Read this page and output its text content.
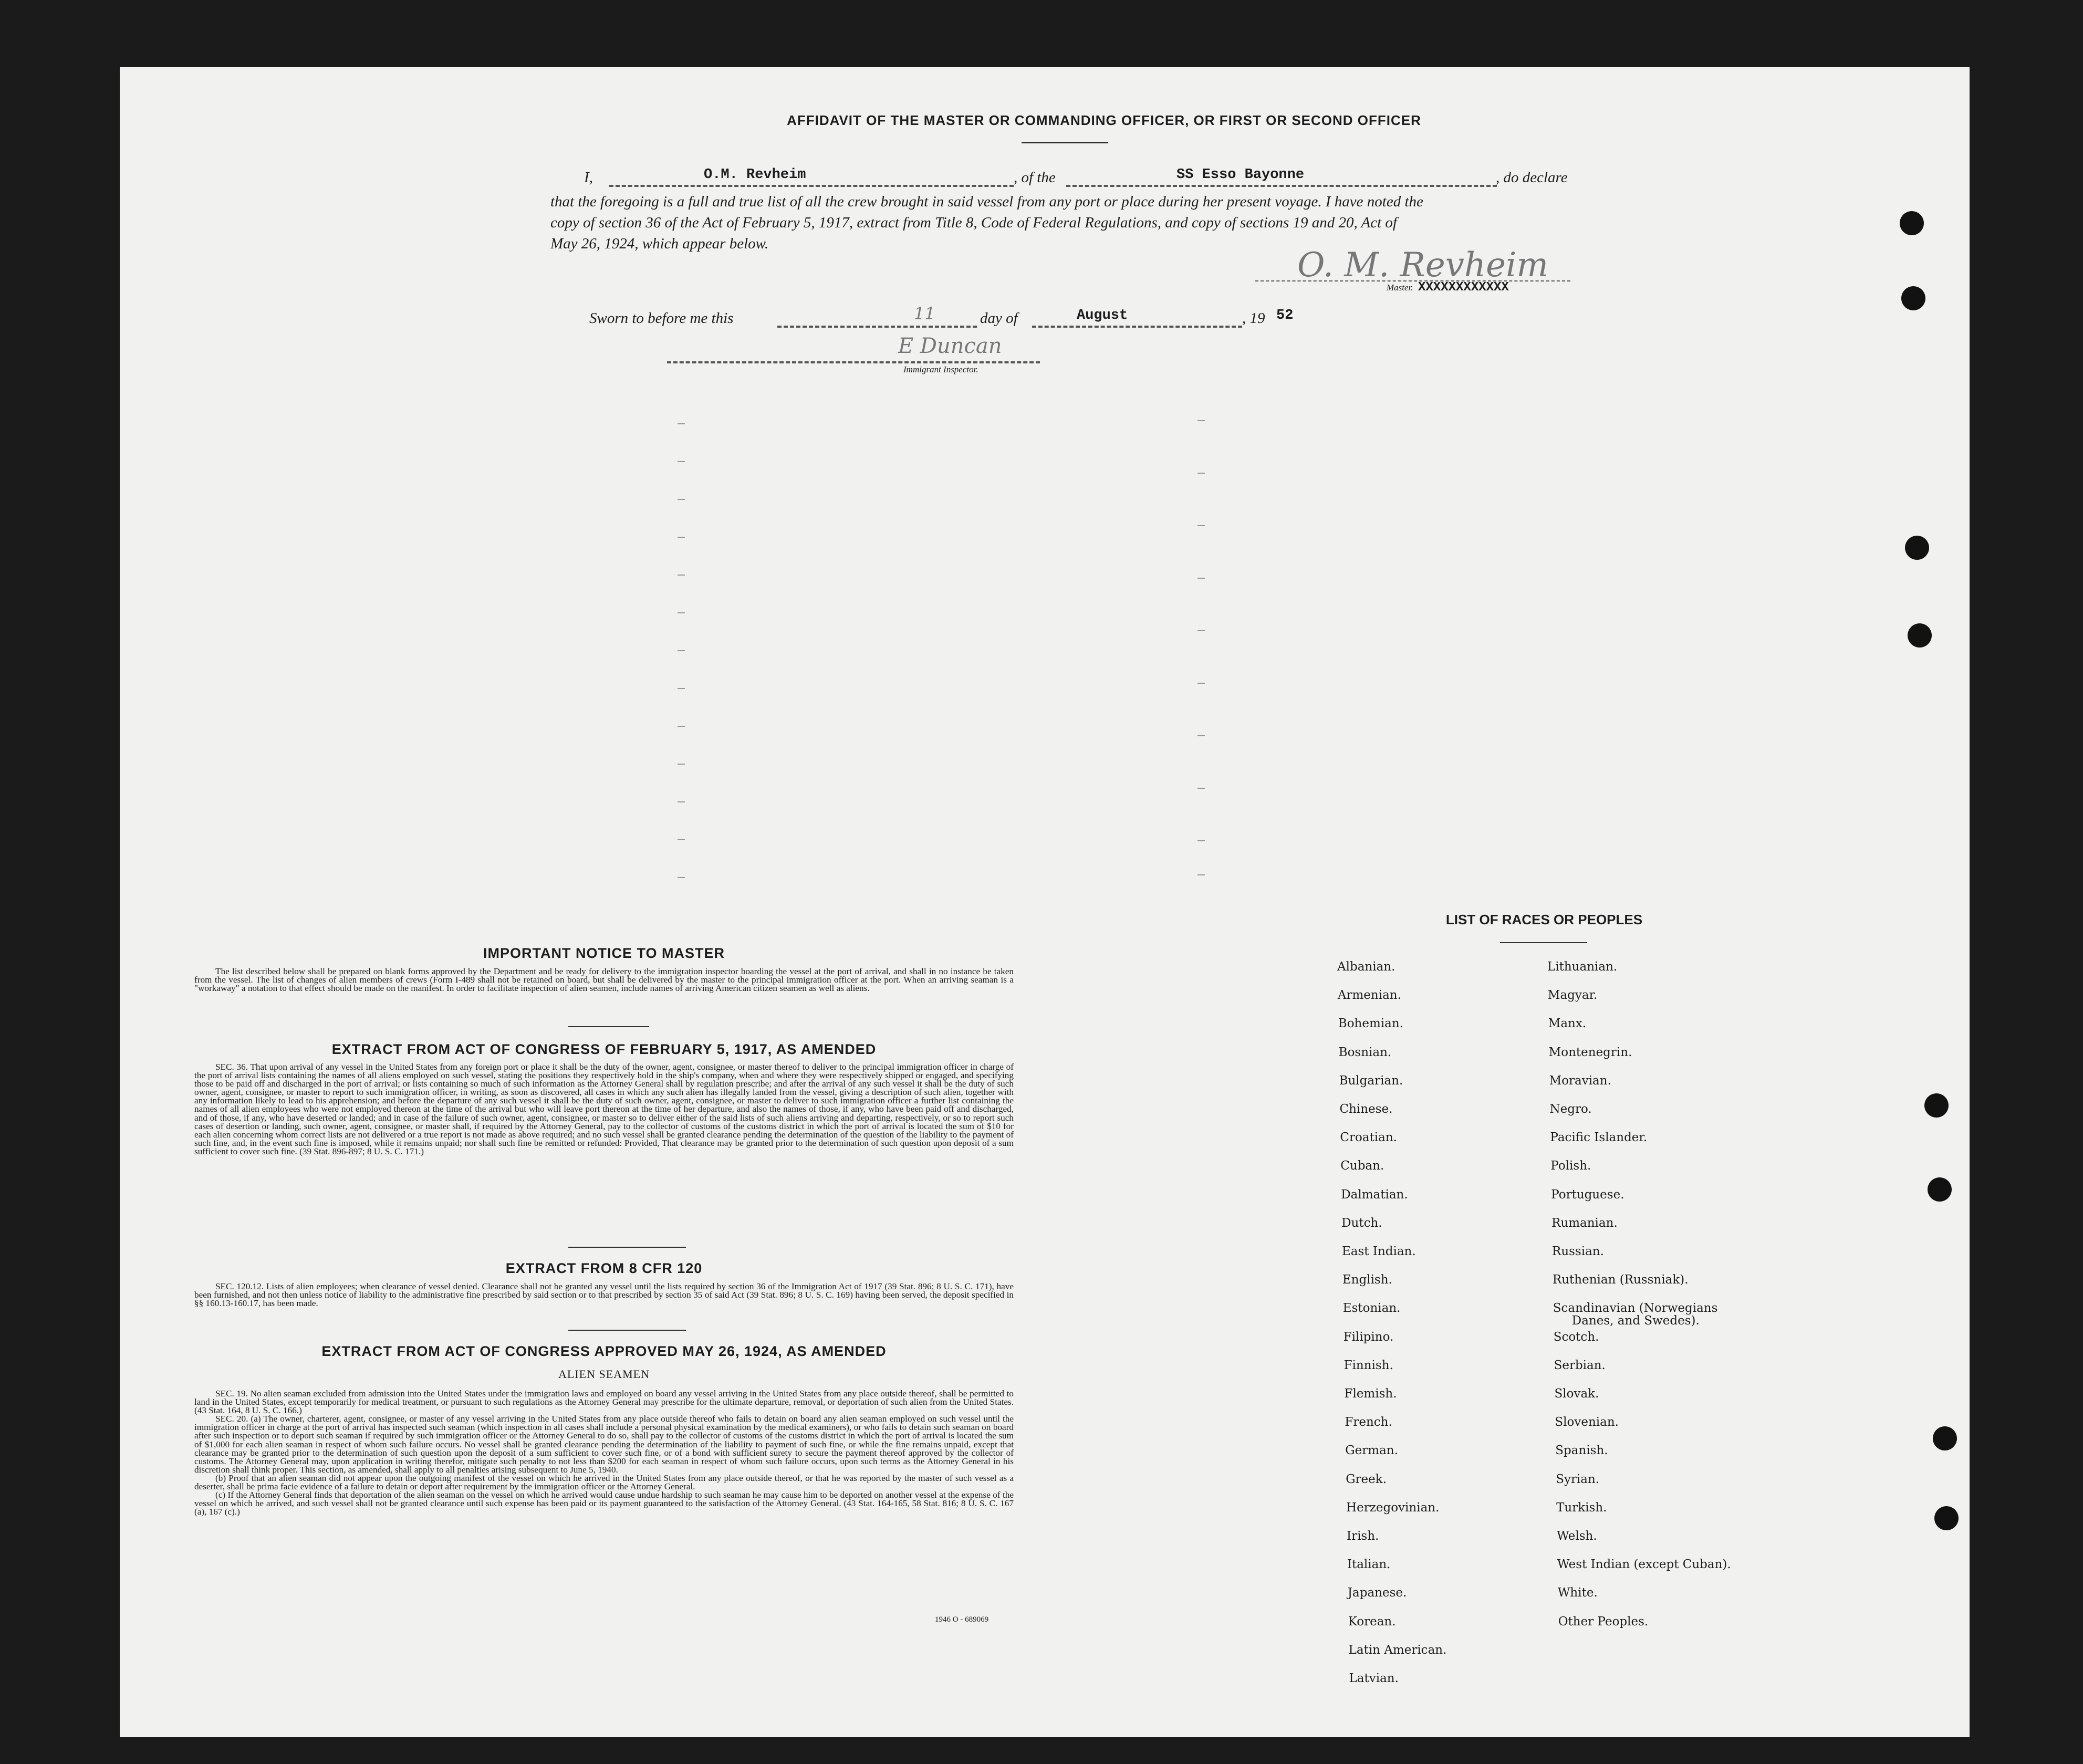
AFFIDAVIT OF THE MASTER OR COMMANDING OFFICER, OR FIRST OR SECOND OFFICER
I,	O.M. Revheim	, of the	SS Esso Bayonne	, do declare
that the foregoing is a full and true list of all the crew brought in said vessel from any port or place during her present voyage. I have noted the
copy of section 36 of the Act of February 5, 1917, extract from Title 8, Code of Federal Regulations, and copy of sections 19 and 20, Act of
May 26, 1924, which appear below.
O. M. Revheim
Master. XXXXXXXXXXXX
Sworn to before me this	11	day of	August	, 19 52
E Duncan
Immigrant Inspector.
IMPORTANT NOTICE TO MASTER

The list described below shall be prepared on blank forms approved by the Department and be ready for delivery to the immigration inspector boarding the vessel at the port of arrival, and shall in no instance be taken from the vessel. The list of changes of alien members of crews (Form I-489 shall not be retained on board, but shall be delivered by the master to the principal immigration officer at the port. When an arriving seaman is a "workaway" a notation to that effect should be made on the manifest. In order to facilitate inspection of alien seamen, include names of arriving American citizen seamen as well as aliens.

EXTRACT FROM ACT OF CONGRESS OF FEBRUARY 5, 1917, AS AMENDED

SEC. 36. That upon arrival of any vessel in the United States from any foreign port or place it shall be the duty of the owner, agent, consignee, or master thereof to deliver to the principal immigration officer in charge of the port of arrival lists containing the names of all aliens employed on such vessel, stating the positions they respectively hold in the ship's company, when and where they were respectively shipped or engaged, and specifying those to be paid off and discharged in the port of arrival; or lists containing so much of such information as the Attorney General shall by regulation prescribe; and after the arrival of any such vessel it shall be the duty of such owner, agent, consignee, or master to report to such immigration officer, in writing, as soon as discovered, all cases in which any such alien has illegally landed from the vessel, giving a description of such alien, together with any information likely to lead to his apprehension; and before the departure of any such vessel it shall be the duty of such owner, agent, consignee, or master to deliver to such immigration officer a further list containing the names of all alien employees who were not employed thereon at the time of the arrival but who will leave port thereon at the time of her departure, and also the names of those, if any, who have been paid off and discharged, and of those, if any, who have deserted or landed; and in case of the failure of such owner, agent, consignee, or master so to deliver either of the said lists of such aliens arriving and departing, respectively, or so to report such cases of desertion or landing, such owner, agent, consignee, or master shall, if required by the Attorney General, pay to the collector of customs of the customs district in which the port of arrival is located the sum of $10 for each alien concerning whom correct lists are not delivered or a true report is not made as above required; and no such vessel shall be granted clearance pending the determination of the question of the liability to the payment of such fine, and, in the event such fine is imposed, while it remains unpaid; nor shall such fine be remitted or refunded: Provided, That clearance may be granted prior to the determination of such question upon deposit of a sum sufficient to cover such fine. (39 Stat. 896-897; 8 U. S. C. 171.)

EXTRACT FROM 8 CFR 120

SEC. 120.12. Lists of alien employees; when clearance of vessel denied. Clearance shall not be granted any vessel until the lists required by section 36 of the Immigration Act of 1917 (39 Stat. 896; 8 U. S. C. 171), have been furnished, and not then unless notice of liability to the administrative fine prescribed by said section or to that prescribed by section 35 of said Act (39 Stat. 896; 8 U. S. C. 169) having been served, the deposit specified in §§ 160.13-160.17, has been made.

EXTRACT FROM ACT OF CONGRESS APPROVED MAY 26, 1924, AS AMENDED
ALIEN SEAMEN

SEC. 19. No alien seaman excluded from admission into the United States under the immigration laws and employed on board any vessel arriving in the United States from any place outside thereof, shall be permitted to land in the United States, except temporarily for medical treatment, or pursuant to such regulations as the Attorney General may prescribe for the ultimate departure, removal, or deportation of such alien from the United States. (43 Stat. 164, 8 U. S. C. 166.)

SEC. 20. (a) The owner, charterer, agent, consignee, or master of any vessel arriving in the United States from any place outside thereof who fails to detain on board any alien seaman employed on such vessel until the immigration officer in charge at the port of arrival has inspected such seaman (which inspection in all cases shall include a personal physical examination by the medical examiners), or who fails to detain such seaman on board after such inspection or to deport such seaman if required by such immigration officer or the Attorney General to do so, shall pay to the collector of customs of the customs district in which the port of arrival is located the sum of $1,000 for each alien seaman in respect of whom such failure occurs. No vessel shall be granted clearance pending the determination of the liability to payment of such fine, or while the fine remains unpaid, except that clearance may be granted prior to the determination of such question upon the deposit of a sum sufficient to cover such fine, or of a bond with sufficient surety to secure the payment thereof approved by the collector of customs. The Attorney General may, upon application in writing therefor, mitigate such penalty to not less than $200 for each seaman in respect of whom such failure occurs, upon such terms as the Attorney General in his discretion shall think proper. This section, as amended, shall apply to all penalties arising subsequent to June 5, 1940.

(b) Proof that an alien seaman did not appear upon the outgoing manifest of the vessel on which he arrived in the United States from any place outside thereof, or that he was reported by the master of such vessel as a deserter, shall be prima facie evidence of a failure to detain or deport after requirement by the immigration officer or the Attorney General.

(c) If the Attorney General finds that deportation of the alien seaman on the vessel on which he arrived would cause undue hardship to such seaman he may cause him to be deported on another vessel at the expense of the vessel on which he arrived, and such vessel shall not be granted clearance until such expense has been paid or its payment guaranteed to the satisfaction of the Attorney General. (43 Stat. 164-165, 58 Stat. 816; 8 U. S. C. 167 (a), 167 (c).)

1946 O - 689069
LIST OF RACES OR PEOPLES
Albanian.
Armenian.
Bohemian.
Bosnian.
Bulgarian.
Chinese.
Croatian.
Cuban.
Dalmatian.
Dutch.
East Indian.
English.
Estonian.
Filipino.
Finnish.
Flemish.
French.
German.
Greek.
Herzegovinian.
Irish.
Italian.
Japanese.
Korean.
Latin American.
Latvian.
Lithuanian.
Magyar.
Manx.
Montenegrin.
Moravian.
Negro.
Pacific Islander.
Polish.
Portuguese.
Rumanian.
Russian.
Ruthenian (Russniak).
Scandinavian (Norwegians
Danes, and Swedes).
Scotch.
Serbian.
Slovak.
Slovenian.
Spanish.
Syrian.
Turkish.
Welsh.
West Indian (except Cuban).
White.
Other Peoples.
